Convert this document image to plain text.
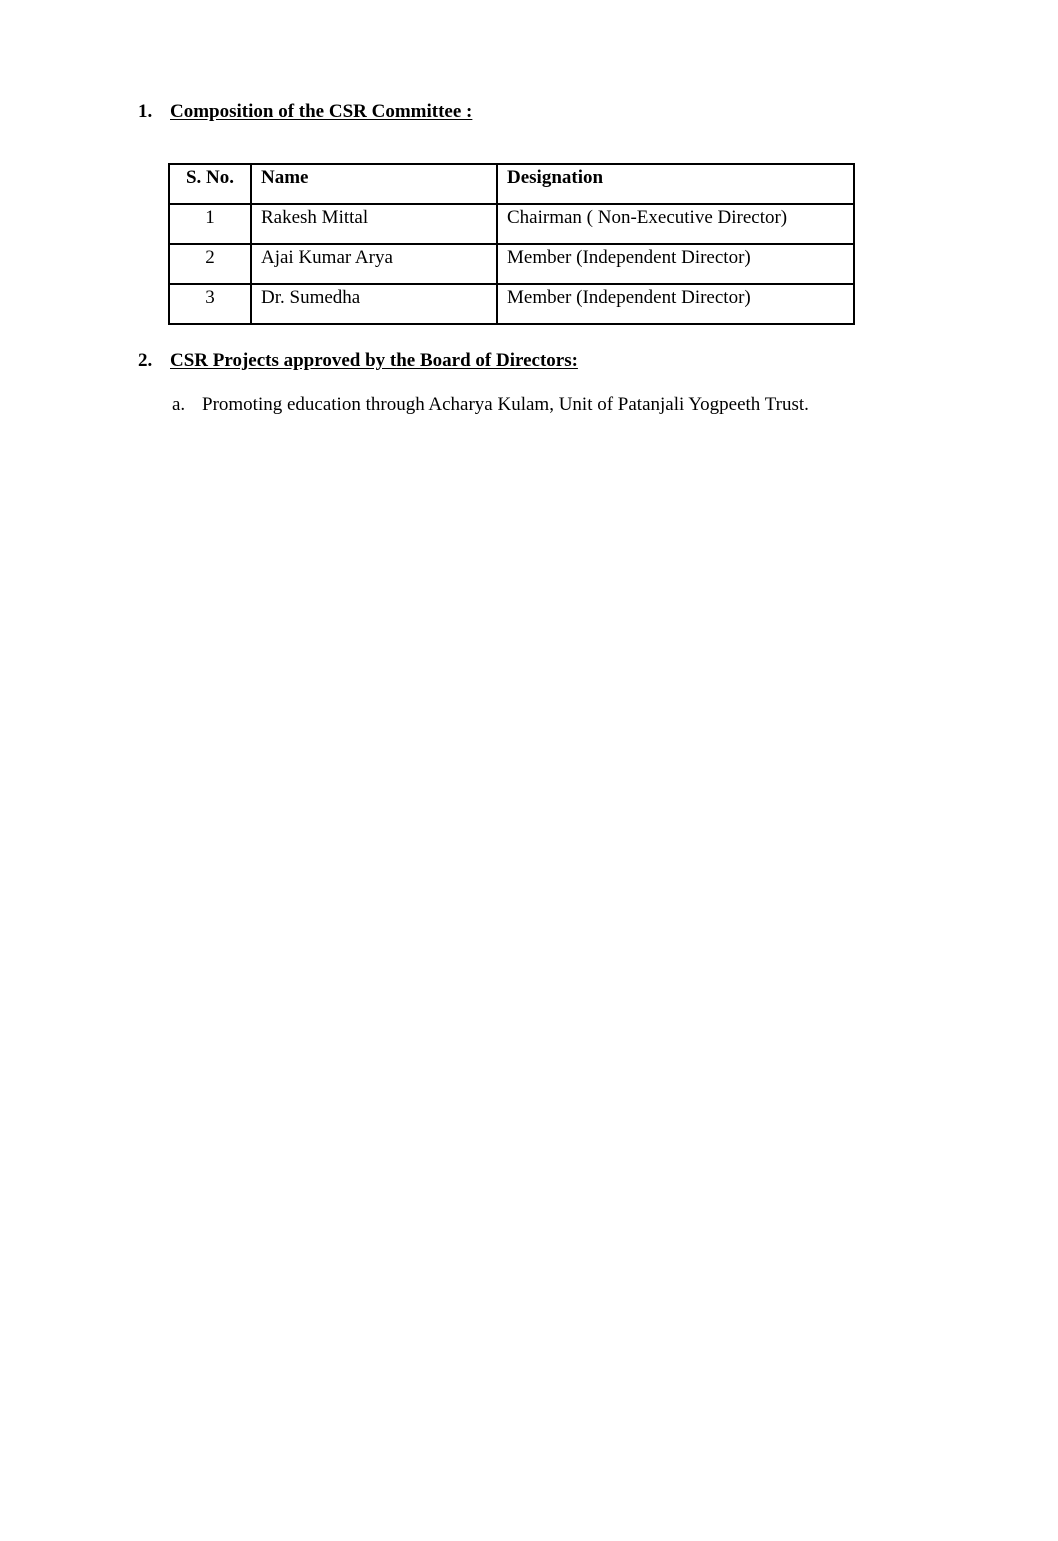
1. Composition of the CSR Committee :
S. No.	Name	Designation
1	Rakesh Mittal	Chairman ( Non-Executive Director)
2	Ajai Kumar Arya	Member (Independent Director)
3	Dr. Sumedha	Member (Independent Director)
2. CSR Projects approved by the Board of Directors:
a. Promoting education through Acharya Kulam, Unit of Patanjali Yogpeeth Trust.
